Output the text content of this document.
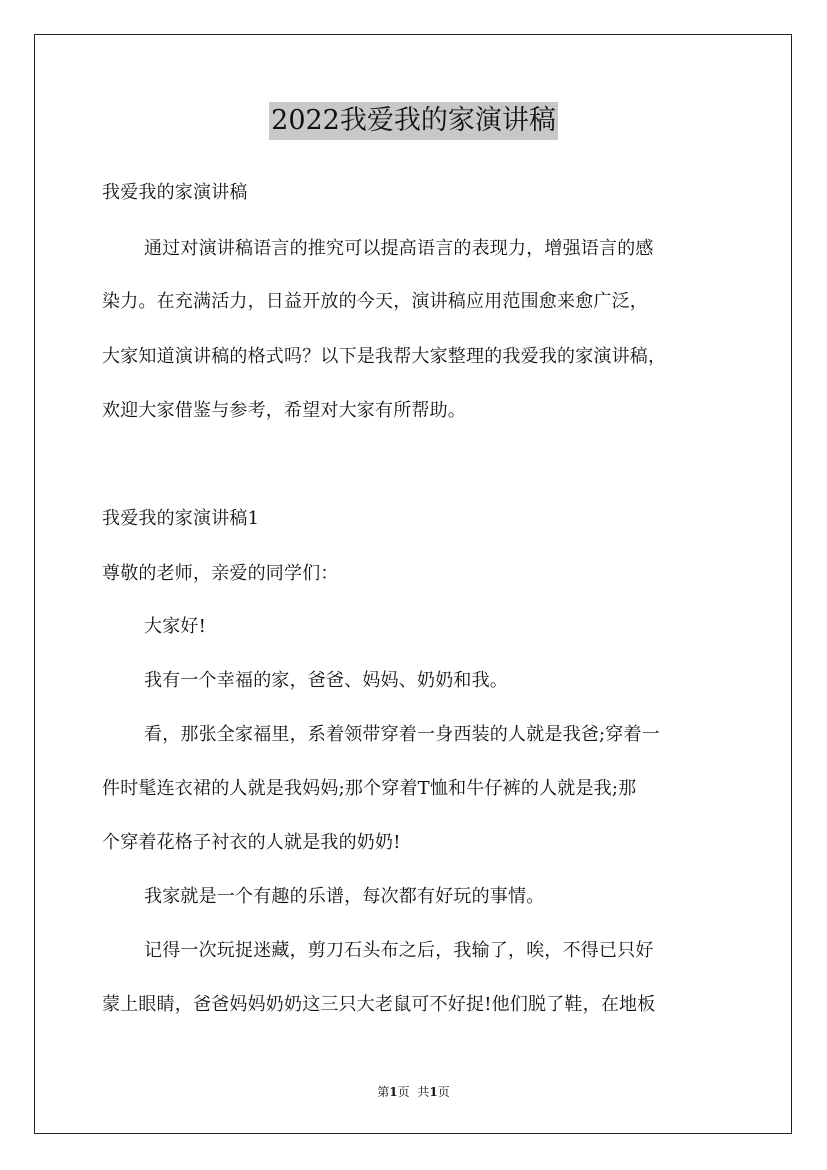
2022我爱我的家演讲稿
我爱我的家演讲稿
通过对演讲稿语言的推究可以提高语言的表现力，增强语言的感
染力。在充满活力，日益开放的今天，演讲稿应用范围愈来愈广泛，
大家知道演讲稿的格式吗？以下是我帮大家整理的我爱我的家演讲稿，
欢迎大家借鉴与参考，希望对大家有所帮助。
我爱我的家演讲稿1
尊敬的老师，亲爱的同学们：
大家好!
我有一个幸福的家，爸爸、妈妈、奶奶和我。
看，那张全家福里，系着领带穿着一身西装的人就是我爸;穿着一
件时髦连衣裙的人就是我妈妈;那个穿着T恤和牛仔裤的人就是我;那
个穿着花格子衬衣的人就是我的奶奶!
我家就是一个有趣的乐谱，每次都有好玩的事情。
记得一次玩捉迷藏，剪刀石头布之后，我输了，唉，不得已只好
蒙上眼睛，爸爸妈妈奶奶这三只大老鼠可不好捉!他们脱了鞋，在地板
第1页 共1页
